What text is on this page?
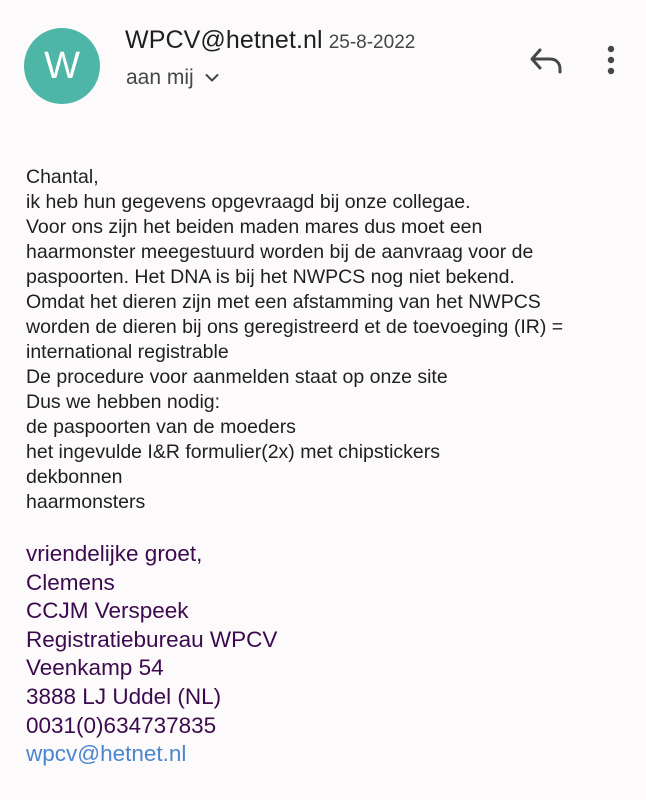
W
WPCV@hetnet.nl 25-8-2022
aan mij
Chantal,
ik heb hun gegevens opgevraagd bij onze collegae.
Voor ons zijn het beiden maden mares dus moet een
haarmonster meegestuurd worden bij de aanvraag voor de
paspoorten. Het DNA is bij het NWPCS nog niet bekend.
Omdat het dieren zijn met een afstamming van het NWPCS
worden de dieren bij ons geregistreerd et de toevoeging (IR) =
international registrable
De procedure voor aanmelden staat op onze site
Dus we hebben nodig:
de paspoorten van de moeders
het ingevulde I&R formulier(2x) met chipstickers
dekbonnen
haarmonsters
vriendelijke groet,
Clemens
CCJM Verspeek
Registratiebureau WPCV
Veenkamp 54
3888 LJ Uddel (NL)
0031(0)634737835
wpcv@hetnet.nl
